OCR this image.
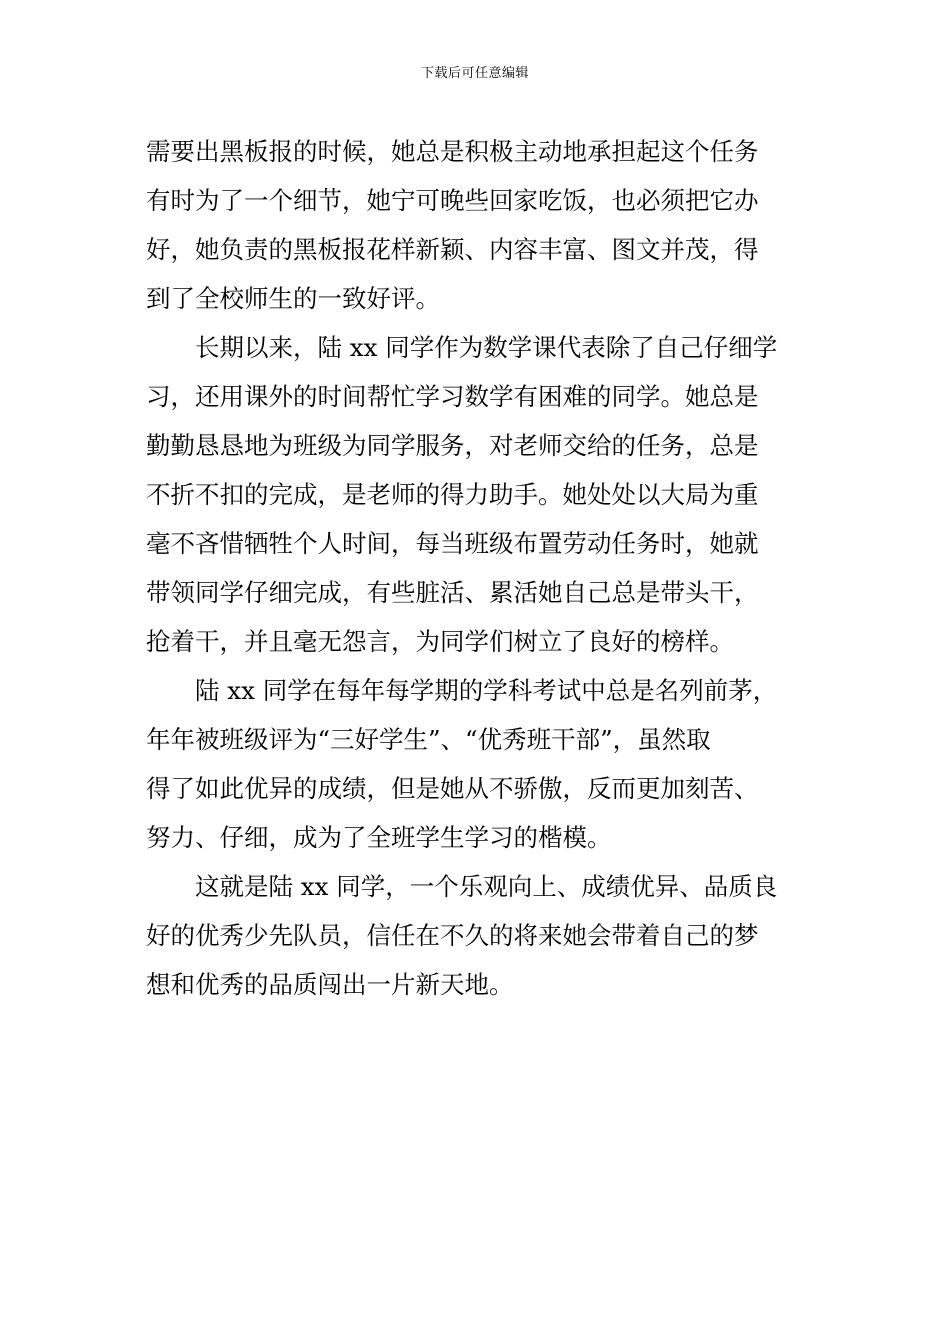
下载后可任意编辑
需要出黑板报的时候，她总是积极主动地承担起这个任务
有时为了一个细节，她宁可晚些回家吃饭，也必须把它办
好，她负责的黑板报花样新颖、内容丰富、图文并茂，得
到了全校师生的一致好评。
长期以来，陆 xx 同学作为数学课代表除了自己仔细学
习，还用课外的时间帮忙学习数学有困难的同学。她总是
勤勤恳恳地为班级为同学服务，对老师交给的任务，总是
不折不扣的完成，是老师的得力助手。她处处以大局为重
毫不吝惜牺牲个人时间，每当班级布置劳动任务时，她就
带领同学仔细完成，有些脏活、累活她自己总是带头干，
抢着干，并且毫无怨言，为同学们树立了良好的榜样。
陆 xx 同学在每年每学期的学科考试中总是名列前茅，
年年被班级评为“三好学生”、“优秀班干部”，虽然取
得了如此优异的成绩，但是她从不骄傲，反而更加刻苦、
努力、仔细，成为了全班学生学习的楷模。
这就是陆 xx 同学，一个乐观向上、成绩优异、品质良
好的优秀少先队员，信任在不久的将来她会带着自己的梦
想和优秀的品质闯出一片新天地。
